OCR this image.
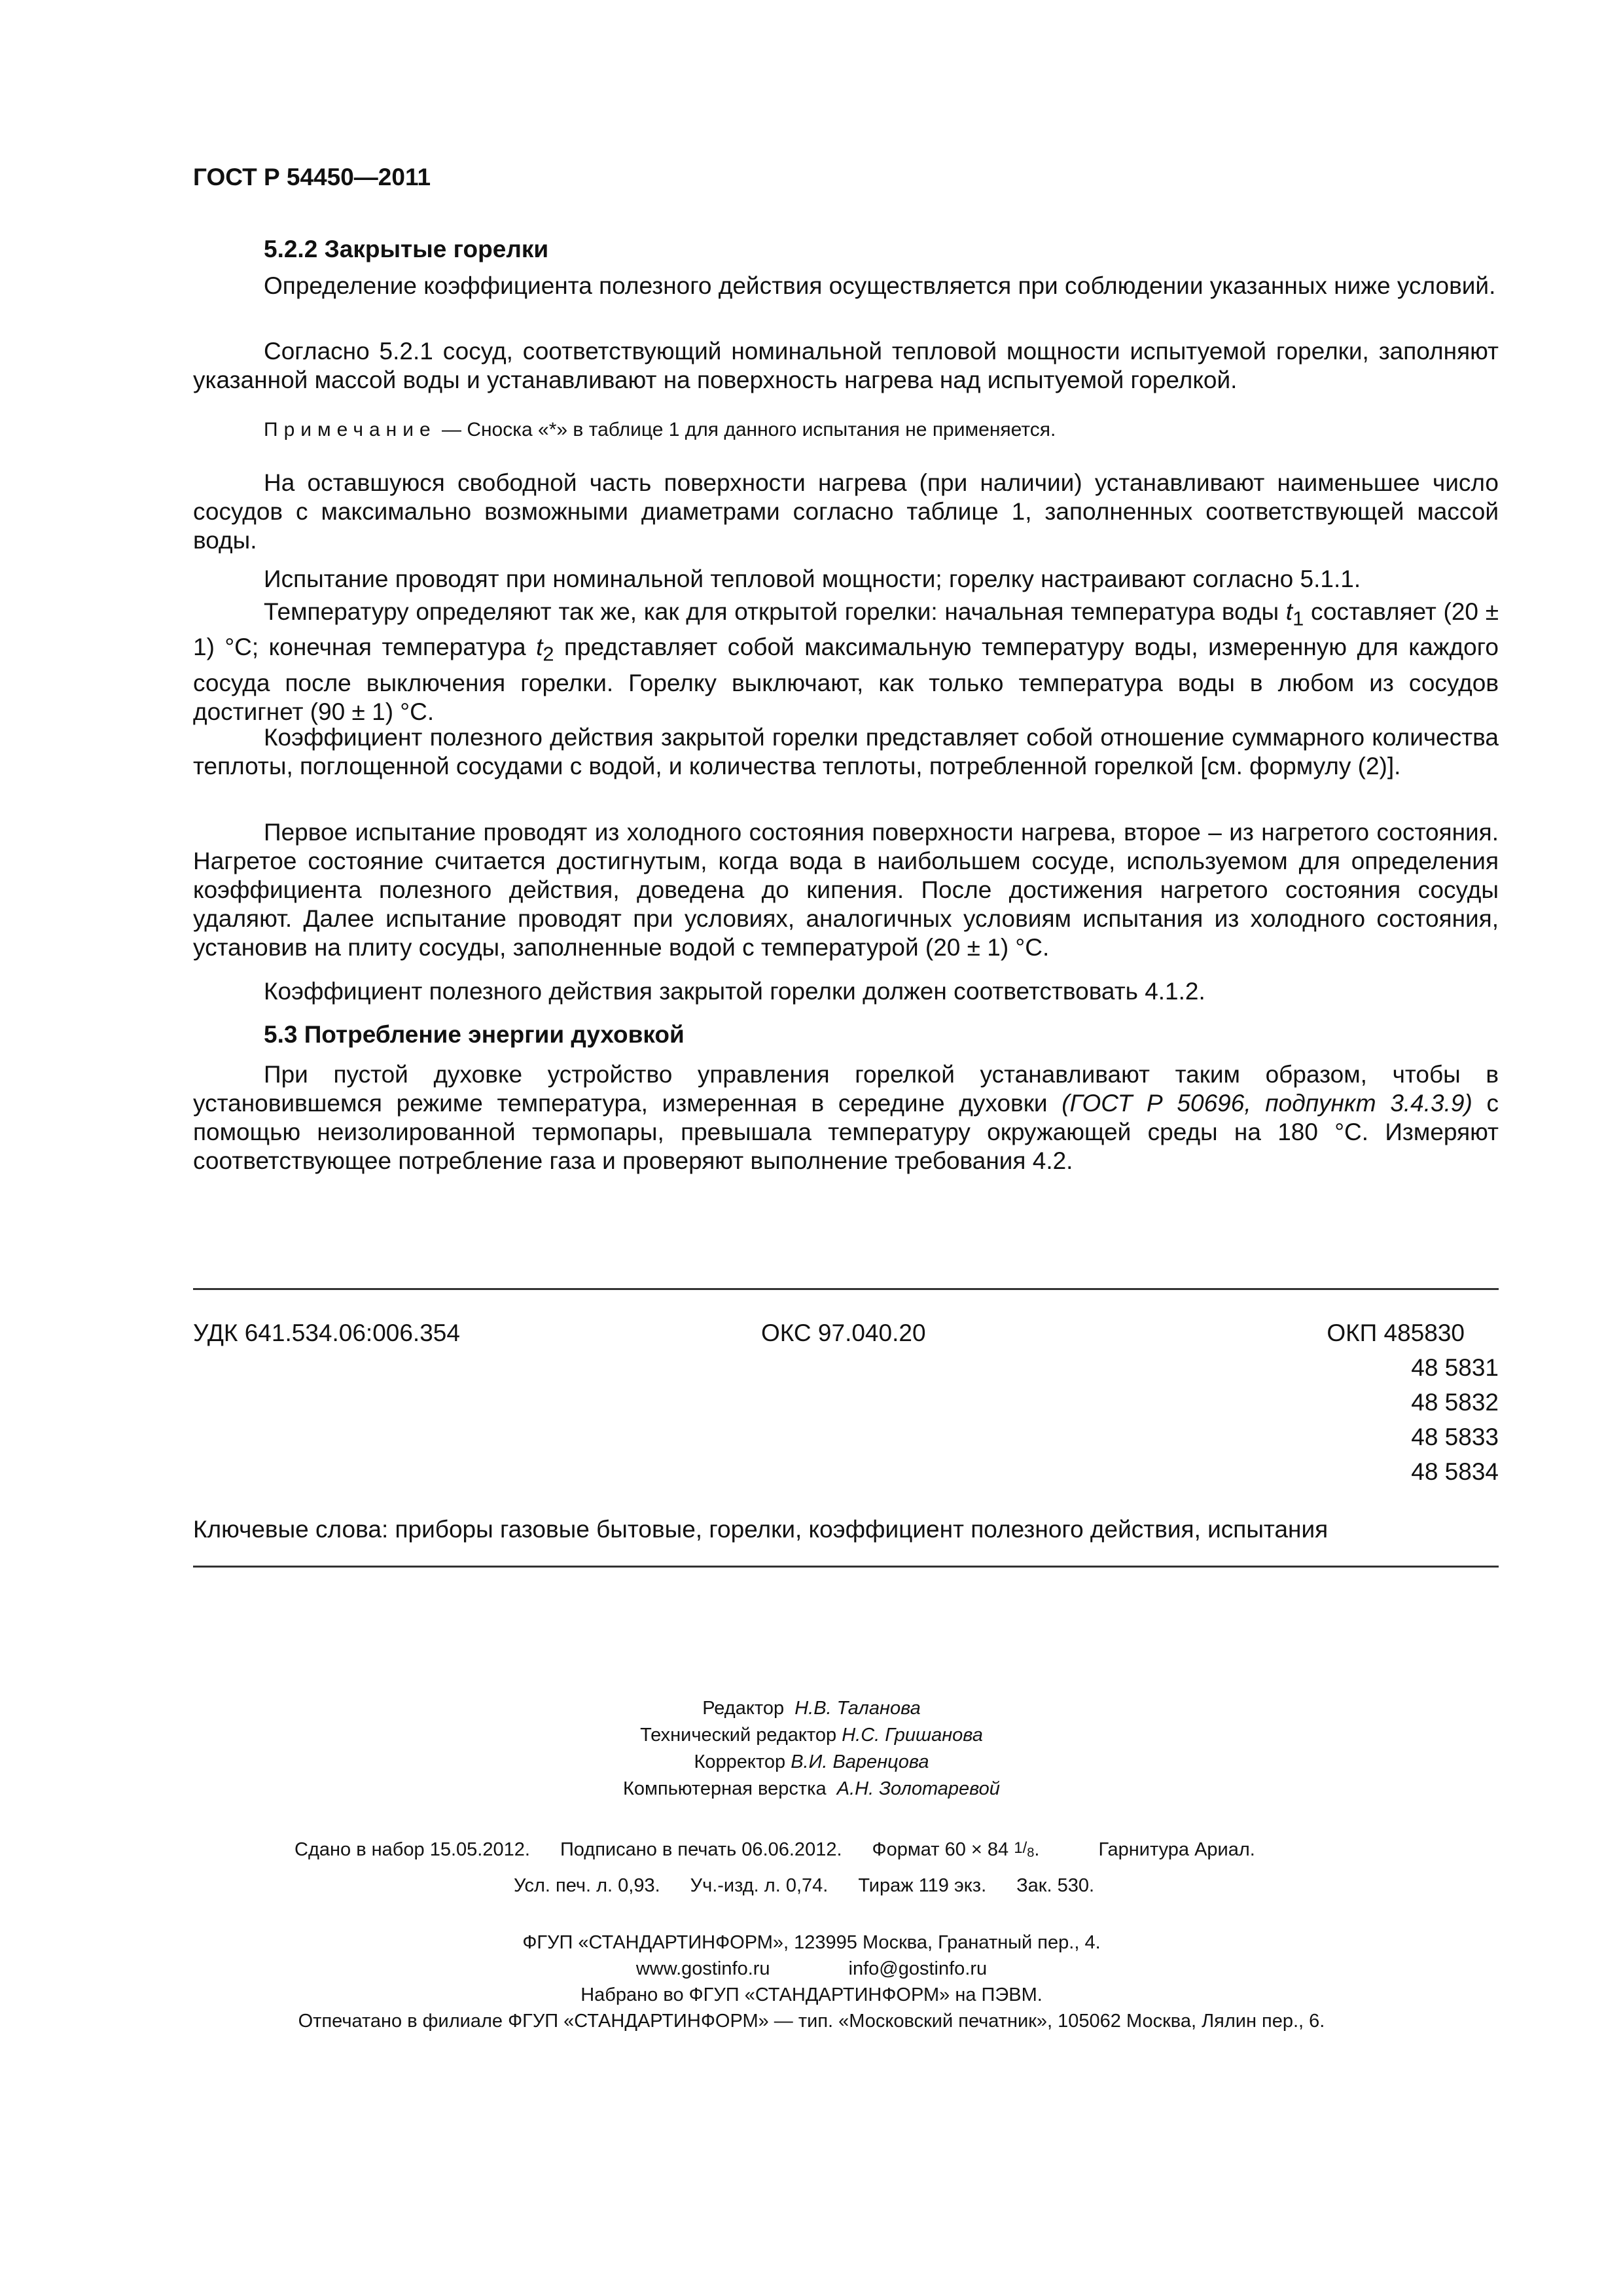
ГОСТ Р 54450—2011
5.2.2 Закрытые горелки

Определение коэффициента полезного действия осуществляется при соблюдении указанных ниже условий.

Согласно 5.2.1 сосуд, соответствующий номинальной тепловой мощности испытуемой горелки, заполняют указанной массой воды и устанавливают на поверхность нагрева над испытуемой горелкой.

Примечание — Сноска «*» в таблице 1 для данного испытания не применяется.

На оставшуюся свободной часть поверхности нагрева (при наличии) устанавливают наименьшее число сосудов с максимально возможными диаметрами согласно таблице 1, заполненных соответствующей массой воды.

Испытание проводят при номинальной тепловой мощности; горелку настраивают согласно 5.1.1.

Температуру определяют так же, как для открытой горелки: начальная температура воды $t_1$ составляет (20 ± 1) °С; конечная температура $t_2$ представляет собой максимальную температуру воды, измеренную для каждого сосуда после выключения горелки. Горелку выключают, как только температура воды в любом из сосудов достигнет (90 ± 1) °С.

Коэффициент полезного действия закрытой горелки представляет собой отношение суммарного количества теплоты, поглощенной сосудами с водой, и количества теплоты, потребленной горелкой [см. формулу (2)].

Первое испытание проводят из холодного состояния поверхности нагрева, второе – из нагретого состояния. Нагретое состояние считается достигнутым, когда вода в наибольшем сосуде, используемом для определения коэффициента полезного действия, доведена до кипения. После достижения нагретого состояния сосуды удаляют. Далее испытание проводят при условиях, аналогичных условиям испытания из холодного состояния, установив на плиту сосуды, заполненные водой с температурой (20 ± 1) °С.

Коэффициент полезного действия закрытой горелки должен соответствовать 4.1.2.

5.3 Потребление энергии духовкой

При пустой духовке устройство управления горелкой устанавливают таким образом, чтобы в установившемся режиме температура, измеренная в середине духовки (ГОСТ Р 50696, подпункт 3.4.3.9) с помощью неизолированной термопары, превышала температуру окружающей среды на 180 °С. Измеряют соответствующее потребление газа и проверяют выполнение требования 4.2.

УДК 641.534.06:006.354	ОКС 97.040.20	ОКП 485830
48 5831
48 5832
48 5833
48 5834
Ключевые слова: приборы газовые бытовые, горелки, коэффициент полезного действия, испытания
Редактор Н.В. Таланова
Технический редактор Н.С. Гришанова
Корректор В.И. Варенцова
Компьютерная верстка А.Н. Золотаревой
Сдано в набор 15.05.2012. Подписано в печать 06.06.2012. Формат 60 × 84 $1/_8$.	Гарнитура Ариал.
Усл. печ. л. 0,93. Уч.-изд. л. 0,74. Тираж 119 экз. Зак. 530.
ФГУП «СТАНДАРТИНФОРМ», 123995 Москва, Гранатный пер., 4.
www.gostinfo.ru	info@gostinfo.ru
Набрано во ФГУП «СТАНДАРТИНФОРМ» на ПЭВМ.
Отпечатано в филиале ФГУП «СТАНДАРТИНФОРМ» — тип. «Московский печатник», 105062 Москва, Лялин пер., 6.
